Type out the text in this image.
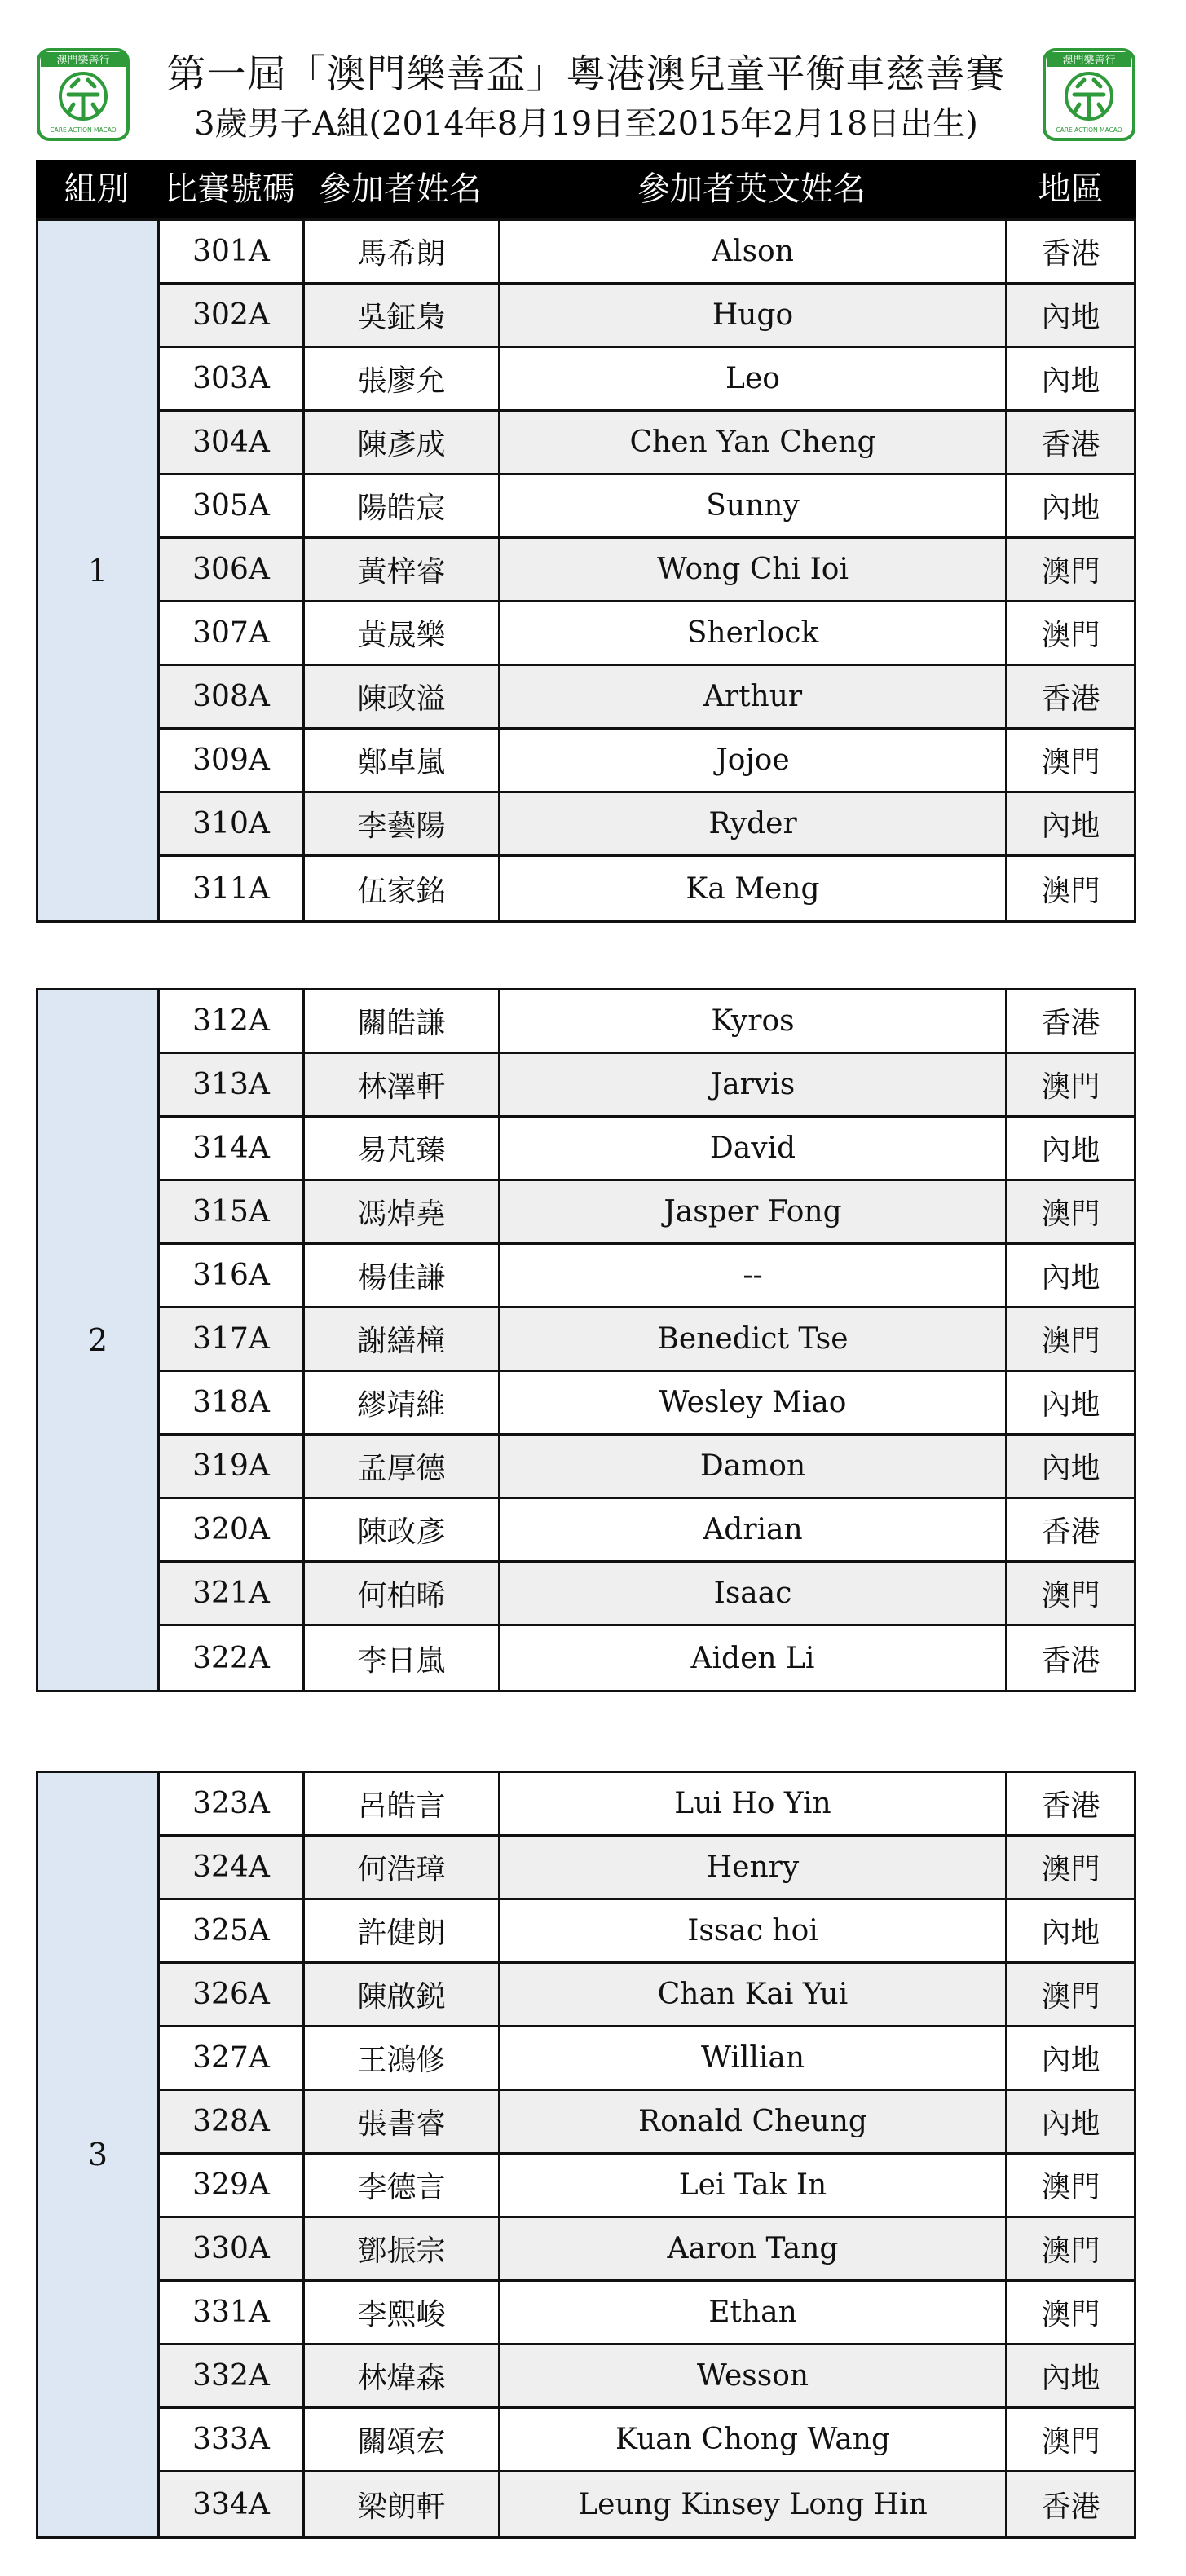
澳門樂善行
CARE ACTION MACAO
第一屆「澳門樂善盃」粵港澳兒童平衡車慈善賽
3歲男子A組(2014年8月19日至2015年2月18日出生)
澳門樂善行
CARE ACTION MACAO
組別	比賽號碼 參加者姓名	參加者英文姓名	地區
1
301A	馬希朗	Alson	香港
302A	吳鉦梟	Hugo	內地
303A	張廖允	Leo	內地
304A	陳彥成	Chen Yan Cheng	香港
305A	陽皓宸	Sunny	內地
306A	黃梓睿	Wong Chi Ioi	澳門
307A	黃晟樂	Sherlock	澳門
308A	陳政溢	Arthur	香港
309A	鄭卓嵐	Jojoe	澳門
310A	李藝陽	Ryder	內地
311A	伍家銘	Ka Meng	澳門
2
312A	關皓謙	Kyros	香港
313A	林澤軒	Jarvis	澳門
314A	易芃臻	David	內地
315A	馮焯堯	Jasper Fong	澳門
316A	楊佳謙	--	內地
317A	謝繕橦	Benedict Tse	澳門
318A	繆靖維	Wesley Miao	內地
319A	孟厚德	Damon	內地
320A	陳政彥	Adrian	香港
321A	何柏晞	Isaac	澳門
322A	李日嵐	Aiden Li	香港
3
323A	呂皓言	Lui Ho Yin	香港
324A	何浩璋	Henry	澳門
325A	許健朗	Issac hoi	內地
326A	陳啟鋭	Chan Kai Yui	澳門
327A	王鴻修	Willian	內地
328A	張書睿	Ronald Cheung	內地
329A	李德言	Lei Tak In	澳門
330A	鄧振宗	Aaron Tang	澳門
331A	李熙峻	Ethan	澳門
332A	林煒森	Wesson	內地
333A	關頌宏	Kuan Chong Wang	澳門
334A	梁朗軒	Leung Kinsey Long Hin	香港
